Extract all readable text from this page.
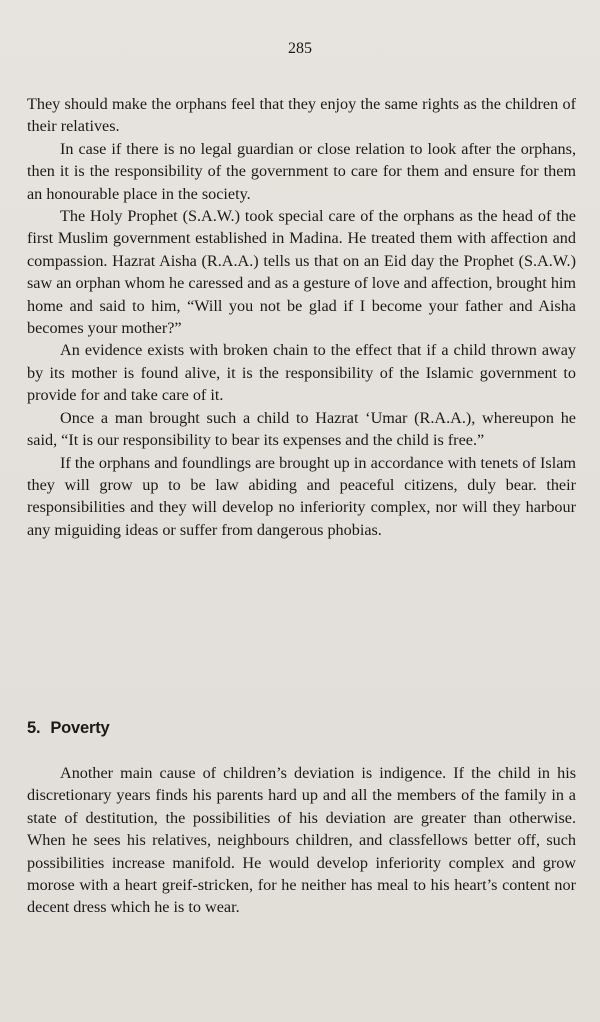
285

They should make the orphans feel that they enjoy the same rights as the children of their relatives.

In case if there is no legal guardian or close relation to look after the orphans, then it is the responsibility of the government to care for them and ensure for them an honourable place in the society.

The Holy Prophet (S.A.W.) took special care of the orphans as the head of the first Muslim government established in Madina. He treated them with affection and compassion. Hazrat Aisha (R.A.A.) tells us that on an Eid day the Prophet (S.A.W.) saw an orphan whom he caressed and as a gesture of love and affection, brought him home and said to him, “Will you not be glad if I become your father and Aisha becomes your mother?”

An evidence exists with broken chain to the effect that if a child thrown away by its mother is found alive, it is the responsibility of the Islamic government to provide for and take care of it.

Once a man brought such a child to Hazrat ‘Umar (R.A.A.), whereupon he said, “It is our responsibility to bear its expenses and the child is free.”

If the orphans and foundlings are brought up in accordance with tenets of Islam they will grow up to be law abiding and peaceful citizens, duly bear. their responsibilities and they will develop no inferiority complex, nor will they harbour any miguiding ideas or suffer from dangerous phobias.

5. Poverty

Another main cause of children’s deviation is indigence. If the child in his discretionary years finds his parents hard up and all the members of the family in a state of destitution, the possibilities of his deviation are greater than otherwise. When he sees his relatives, neighbours children, and classfellows better off, such possibilities increase manifold. He would develop inferiority complex and grow morose with a heart greif-stricken, for he neither has meal to his heart’s content nor decent dress which he is to wear.
